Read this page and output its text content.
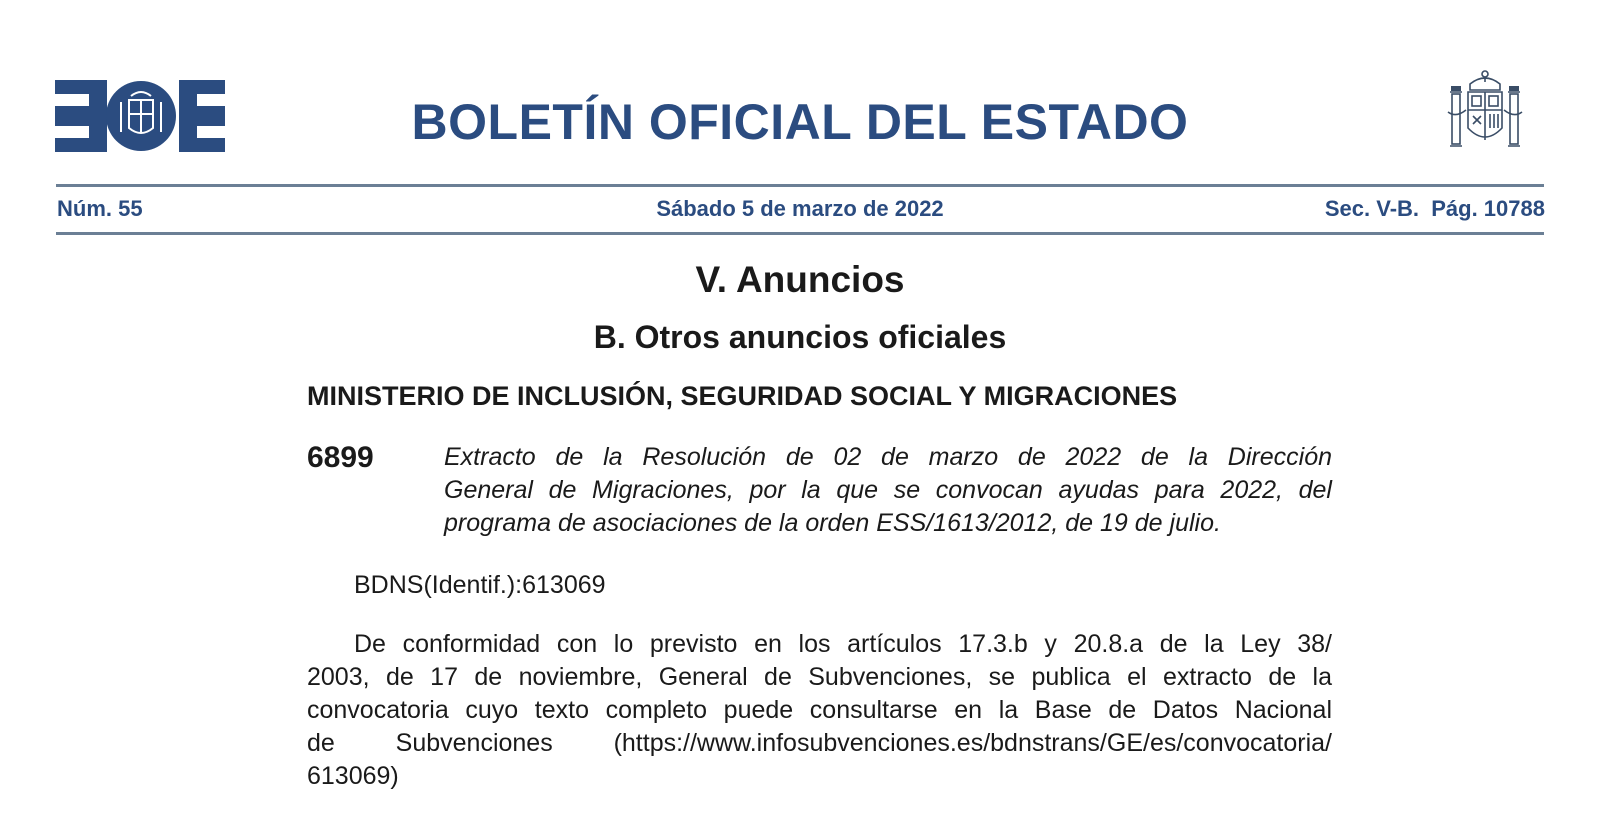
BOLETÍN OFICIAL DEL ESTADO
Núm. 55	Sábado 5 de marzo de 2022	Sec. V-B.  Pág. 10788
V. Anuncios
B. Otros anuncios oficiales
MINISTERIO DE INCLUSIÓN, SEGURIDAD SOCIAL Y MIGRACIONES
6899	Extracto de la Resolución de 02 de marzo de 2022 de la Dirección
General de Migraciones, por la que se convocan ayudas para 2022, del
programa de asociaciones de la orden ESS/1613/2012, de 19 de julio.
BDNS(Identif.):613069
De conformidad con lo previsto en los artículos 17.3.b y 20.8.a de la Ley 38/
2003, de 17 de noviembre, General de Subvenciones, se publica el extracto de la
convocatoria cuyo texto completo puede consultarse en la Base de Datos Nacional
de Subvenciones (https://www.infosubvenciones.es/bdnstrans/GE/es/convocatoria/
613069)
